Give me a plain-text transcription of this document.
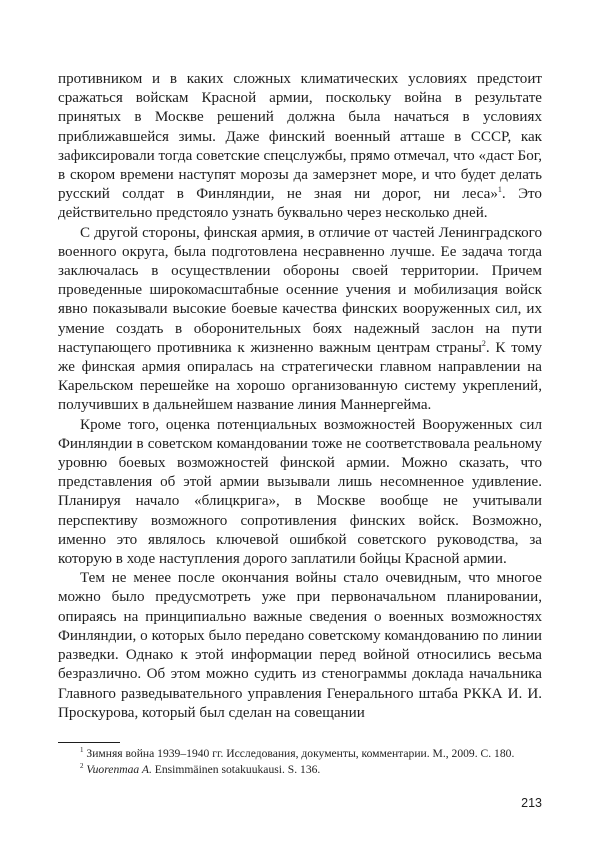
противником и в каких сложных климатических условиях предстоит сражаться войскам Красной армии, поскольку война в результате принятых в Москве решений должна была начаться в условиях приближавшейся зимы. Даже финский военный атташе в СССР, как зафиксировали тогда советские спецслужбы, прямо отмечал, что «даст Бог, в скором времени наступят морозы да замерзнет море, и что будет делать русский солдат в Финляндии, не зная ни дорог, ни леса»$^1$. Это действительно предстояло узнать буквально через несколько дней.

С другой стороны, финская армия, в отличие от частей Ленинградского военного округа, была подготовлена несравненно лучше. Ее задача тогда заключалась в осуществлении обороны своей территории. Причем проведенные широкомасштабные осенние учения и мобилизация войск явно показывали высокие боевые качества финских вооруженных сил, их умение создать в оборонительных боях надежный заслон на пути наступающего противника к жизненно важным центрам страны$^2$. К тому же финская армия опиралась на стратегически главном направлении на Карельском перешейке на хорошо организованную систему укреплений, получивших в дальнейшем название линия Маннергейма.

Кроме того, оценка потенциальных возможностей Вооруженных сил Финляндии в советском командовании тоже не соответствовала реальному уровню боевых возможностей финской армии. Можно сказать, что представления об этой армии вызывали лишь несомненное удивление. Планируя начало «блицкрига», в Москве вообще не учитывали перспективу возможного сопротивления финских войск. Возможно, именно это являлось ключевой ошибкой советского руководства, за которую в ходе наступления дорого заплатили бойцы Красной армии.

Тем не менее после окончания войны стало очевидным, что многое можно было предусмотреть уже при первоначальном планировании, опираясь на принципиально важные сведения о военных возможностях Финляндии, о которых было передано советскому командованию по линии разведки. Однако к этой информации перед войной относились весьма безразлично. Об этом можно судить из стенограммы доклада начальника Главного разведывательного управления Генерального штаба РККА И. И. Проскурова, который был сделан на совещании

$^1$ Зимняя война 1939–1940 гг. Исследования, документы, комментарии. М., 2009. С. 180.

$^2$ Vuorenmaa A. Ensimmäinen sotakuukausi. S. 136.

213
